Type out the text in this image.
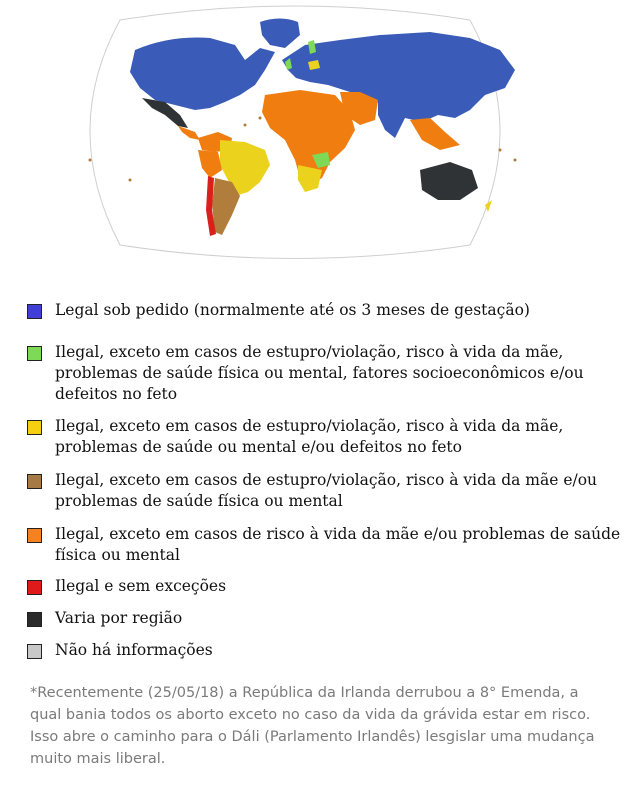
Legal sob pedido (normalmente até os 3 meses de gestação)
Ilegal, exceto em casos de estupro/violação, risco à vida da mãe, problemas de saúde física ou mental, fatores socioeconômicos e/ou defeitos no feto
Ilegal, exceto em casos de estupro/violação, risco à vida da mãe, problemas de saúde ou mental e/ou defeitos no feto
Ilegal, exceto em casos de estupro/violação, risco à vida da mãe e/ou problemas de saúde física ou mental
Ilegal, exceto em casos de risco à vida da mãe e/ou problemas de saúde física ou mental
Ilegal e sem exceções
Varia por região
Não há informações
*Recentemente (25/05/18) a República da Irlanda derrubou a 8° Emenda, a qual bania todos os aborto exceto no caso da vida da grávida estar em risco. Isso abre o caminho para o Dáli (Parlamento Irlandês) lesgislar uma mudança muito mais liberal.
